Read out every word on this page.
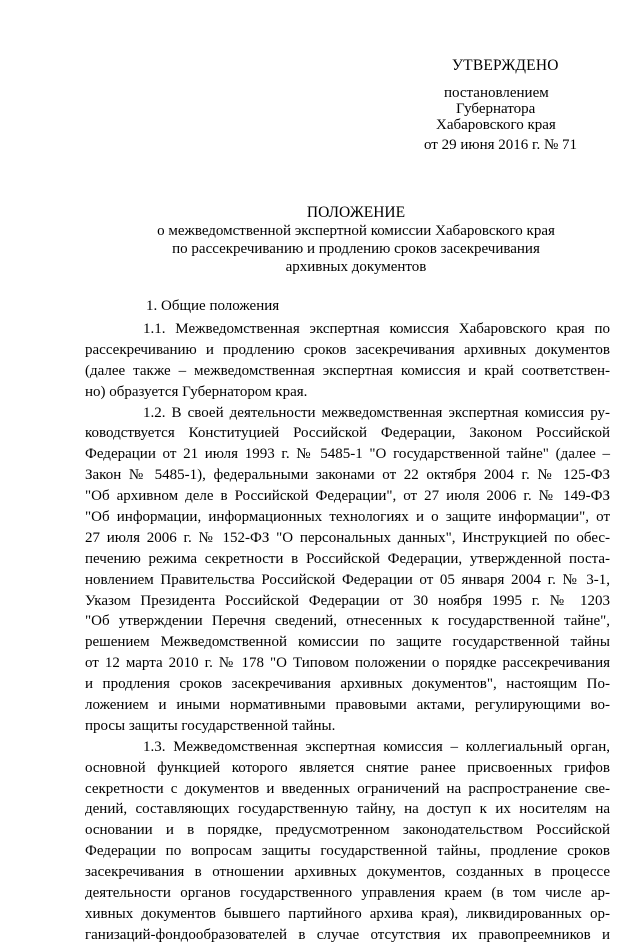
УТВЕРЖДЕНО
постановлением
Губернатора
Хабаровского края
от 29 июня 2016 г. № 71
ПОЛОЖЕНИЕ
о межведомственной экспертной комиссии Хабаровского края
по рассекречиванию и продлению сроков засекречивания
архивных документов
1. Общие положения
1.1. Межведомственная экспертная комиссия Хабаровского края по
рассекречиванию и продлению сроков засекречивания архивных документов
(далее также – межведомственная экспертная комиссия и край соответствен-
но) образуется Губернатором края.
1.2. В своей деятельности межведомственная экспертная комиссия ру-
ководствуется Конституцией Российской Федерации, Законом Российской
Федерации от 21 июля 1993 г. № 5485-1 "О государственной тайне" (далее –
Закон № 5485-1), федеральными законами от 22 октября 2004 г. № 125-ФЗ
"Об архивном деле в Российской Федерации", от 27 июля 2006 г. № 149-ФЗ
"Об информации, информационных технологиях и о защите информации", от
27 июля 2006 г. № 152-ФЗ "О персональных данных", Инструкцией по обес-
печению режима секретности в Российской Федерации, утвержденной поста-
новлением Правительства Российской Федерации от 05 января 2004 г. № 3-1,
Указом Президента Российской Федерации от 30 ноября 1995 г. № 1203
"Об утверждении Перечня сведений, отнесенных к государственной тайне",
решением Межведомственной комиссии по защите государственной тайны
от 12 марта 2010 г. № 178 "О Типовом положении о порядке рассекречивания
и продления сроков засекречивания архивных документов", настоящим По-
ложением и иными нормативными правовыми актами, регулирующими во-
просы защиты государственной тайны.
1.3. Межведомственная экспертная комиссия – коллегиальный орган,
основной функцией которого является снятие ранее присвоенных грифов
секретности с документов и введенных ограничений на распространение све-
дений, составляющих государственную тайну, на доступ к их носителям на
основании и в порядке, предусмотренном законодательством Российской
Федерации по вопросам защиты государственной тайны, продление сроков
засекречивания в отношении архивных документов, созданных в процессе
деятельности органов государственного управления краем (в том числе ар-
хивных документов бывшего партийного архива края), ликвидированных ор-
ганизаций-фондообразователей в случае отсутствия их правопреемников и
